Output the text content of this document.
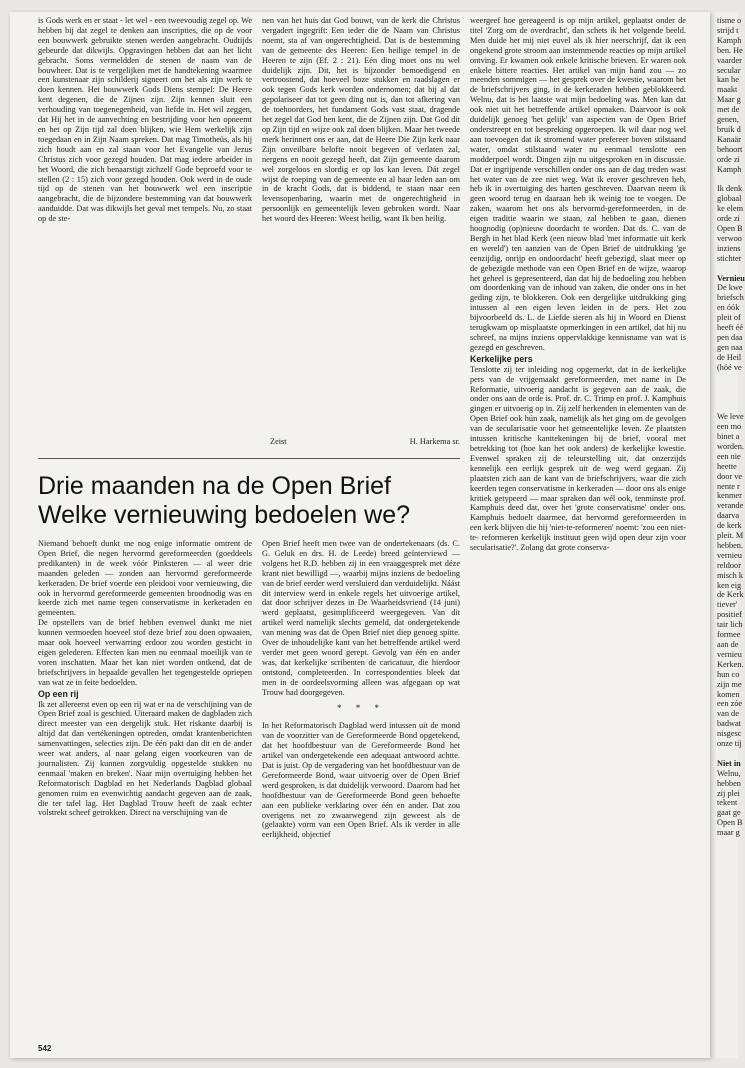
is Gods werk en er staat - let wel - een tweevoudig zegel op. We hebben bij dat zegel te denken aan inscripties, die op de voor een bouwwerk gebruikte stenen werden aangebracht. Oudtijds gebeurde dat dikwijls. Opgravingen hebben dat aan het licht gebracht. Soms vermeldden de stenen de naam van de bouwheer. Dat is te vergelijken met de handtekening waarmee een kunstenaar zijn schilderij signeert om het als zijn werk te doen kennen. Het bouwwerk Gods Diens stempel: De Heere kent degenen, die de Zijnen zijn. Zijn kennen sluit een verhouding van toegenegenheid, van liefde in. Het wil zeggen, dat Hij het in de aanvechting en bestrijding voor hen opneemt en het op Zijn tijd zal doen blijken, wie Hem werkelijk zijn toegedaan en in Zijn Naam spreken. Dat mag Timotheüs, als hij zich houdt aan en zal staan voor het Evangelie van Jezus Christus zich voor gezegd houden. Dat mag iedere arbeider in het Woord, die zich benaarstigt zichzelf Gode beproefd voor te stellen (2 : 15) zich voor gezegd houden. Ook werd in de oude tijd op de stenen van het bouwwerk wel een inscriptie aangebracht, die de bijzondere bestemming van dat bouwwerk aanduidde. Dat was dikwijls het geval met tempels. Nu, zo staat op de ste-

nen van het huis dat God bouwt, van de kerk die Christus vergadert ingegrift: Een ieder die de Naam van Christus noemt, sta af van ongerechtigheid. Dat is de bestemming van de gemeente des Heeren: Een heilige tempel in de Heeren te zijn (Ef. 2 : 21). Eén ding moet ons nu wel duidelijk zijn. Dit, het is bijzonder bemoedigend en vertroostend, dat hoeveel boze stukken en raadslagen er ook tegen Gods kerk worden ondernomen; dat bij al dat gepolariseer dat tot geen ding nut is, dan tot afkering van de toehoorders, het fundament Gods vast staat, dragende het zegel dat God hen kent, die de Zijnen zijn. Dat God dit op Zijn tijd en wijze ook zal doen blijken. Maar het tweede merk herinnert ons er aan, dat de Heere Die Zijn kerk naar Zijn onveilbare belofte nooit begeven of verlaten zal, nergens en nooit gezegd heeft, dat Zijn gemeente daarom wel zorgeloos en slordig er op los kan leven. Dát zegel wijst de roeping van de gemeente en al haar leden aan om in de kracht Gods, dat is biddend, te staan naar een levensopenbaring, waarin met de ongerechtigheid in persoonlijk en gemeentelijk leven gebroken wordt. Naar het woord des Heeren: Weest heilig, want Ik ben heilig.

Zeist	H. Harkema sr.
Drie maanden na de Open Brief
Welke vernieuwing bedoelen we?

Niemand behoeft dunkt me nog enige informatie omtrent de Open Brief, die negen hervormd gereformeerden (goeddeels predikanten) in de week vóór Pinksteren — al weer drie maanden geleden — zonden aan hervormd gereformeerde kerkeraden. De brief voerde een pleidooi voor vernieuwing, die ook in hervormd gereformeerde gemeenten broodnodig was en keerde zich met name tegen conservatisme in kerkeraden en gemeenten.

De opstellers van de brief hebben evenwel dunkt me niet kunnen vermoeden hoeveel stof deze brief zou doen opwaaien, maar ook hoeveel verwarring erdoor zou worden gesticht in eigen gelederen. Effecten kan men nu eenmaal moeilijk van te voren inschatten. Maar het kan niet worden ontkend, dat de briefschrijvers in bepaalde gevallen het tegengestelde opriepen van wat ze in feite bedoelden.

Op een rij

Ik zet allereerst even op een rij wat er na de verschijning van de Open Brief zoal is geschied. Uiteraard maken de dagbladen zich direct meester van een dergelijk stuk. Het riskante daarbij is altijd dat dan vertékeningen optreden, omdat krantenberichten samenvattingen, selecties zijn. De één pakt dan dit en de ander weer wat anders, al naar gelang eigen voorkeuren van de journalisten. Zij kunnen zorgvuldig opgestelde stukken nu eenmaal 'maken en breken'. Naar mijn overtuiging hebben het Reformatorisch Dagblad en het Nederlands Dagblad globaal genomen ruim en evenwichtig aandacht gegeven aan de zaak, die ter tafel lag. Het Dagblad Trouw heeft de zaak echter volstrekt scheef getrokken. Direct na verschijning van de

Open Brief heeft men twee van de ondertekenaars (ds. C. G. Geluk en drs. H. de Leede) breed geïnterviewd — volgens het R.D. hebben zij in een vraaggesprek met déze krant niet bewilligd —, waarbij mijns inziens de bedoeling van de brief eerder werd versluierd dan verduidelijkt. Náást dit interview werd in enkele regels het uitvoerige artikel, dat door schrijver dezes in De Waarheidsvriend (14 juni) werd geplaatst, gesimplificeerd weergegeven. Van dit artikel werd namelijk slechts gemeld, dat ondergetekende van mening was dat de Open Brief niet diep genoeg spitte. Over de inhoudelijke kant van het betreffende artikel werd verder met geen woord gerept. Gevolg van één en ander was, dat kerkelijke scribenten de caricatuur, die hierdoor ontstond, completeerden. In correspondenties bleek dat men in de oordeelsvorming alleen was afgegaan op wat Trouw had doorgegeven.

* * *

In het Reformatorisch Dagblad werd intussen uit de mond van de voorzitter van de Gereformeerde Bond opgetekend, dat het hoofdbestuur van de Gereformeerde Bond het artikel van ondergetekende een adequaat antwoord achtte. Dat is juist. Op de vergadering van het hoofdbestuur van de Gereformeerde Bond, waar uitvoerig over de Open Brief werd gesproken, is dat duidelijk verwoord. Daarom had het hoofdbestuur van de Gereformeerde Bond geen behoefte aan een publieke verklaring over één en ander. Dat zou overigens net zo zwaarwegend zijn geweest als de (gelaakte) vorm van een Open Brief. Als ik verder in alle eerlijkheid, objectief

weergeef hoe gereageerd is op mijn artikel, geplaatst onder de titel 'Zorg om de overdracht', dan schets ik het volgende beeld. Men duide het mij niet euvel als ik hier neerschrijf, dat ik een ongekend grote stroom aan instemmende reacties op mijn artikel ontving. Er kwamen ook enkele kritische brieven. Er waren ook enkele bittere reacties. Het artikel van mijn hand zou — zo meenden sommigen — het gesprek over de kwestie, waarom het de briefschrijvers ging, in de kerkeraden hebben geblokkeerd. Welnu, dat is het laatste wat mijn bedoeling was. Men kan dat ook niet uit het betreffende artikel opmaken. Daarvoor is ook duidelijk genoeg 'het gelijk' van aspecten van de Open Brief onderstreept en tot bespreking opgeroepen. Ik wil daar nog wel aan toevoegen dat ik stromend water prefereer boven stilstaand water, omdat stilstaand water nu eenmaal tenslotte een modderpoel wordt. Dingen zijn nu uitgesproken en in discussie. Dat er ingrijpende verschillen onder ons aan de dag treden wast het water van de zee niet weg. Wat ik erover geschreven heb, heb ik in overtuiging des harten geschreven. Daarvan neem ik geen woord terug en daaraan heb ik weinig toe te voegen. De zaken, waarom het ons als hervormd-gereformeerden, in de eigen traditie waarin we staan, zal hebben te gaan, dienen hoognodig (op)nieuw doordacht te worden. Dat ds. C. van de Bergh in het blad Kerk (een nieuw blad 'met informatie uit kerk en wereld') ten aanzien van de Open Brief de uitdrukking 'ge eenzijdig, onrijp en ondoordacht' heeft gebezigd, slaat meer op de gebezigde methode van een Open Brief en de wijze, waarop het geheel is gepresenteerd, dan dat hij de bedoeling zou hebben om doordenking van de inhoud van zaken, die onder ons in het geding zijn, te blokkeren. Ook een dergelijke uitdrukking ging intussen al een eigen leven leiden in de pers. Het zou bijvoorbeeld ds. L. de Liefde sieren als hij in Woord en Dienst terugkwam op misplaatste opmerkingen in een artikel, dat hij nu schreef, na mijns inziens oppervlakkige kennisname van wat is gezegd en geschreven.

Kerkelijke pers

Tenslotte zij ter inleiding nog opgemerkt, dat in de kerkelijke pers van de vrijgemaakt gereformeerden, met name in De Reformatie, uitvoerig aandacht is gegeven aan de zaak, die onder ons aan de orde is. Prof. dr. C. Trimp en prof. J. Kamphuis gingen er uitvoerig op in. Zij zelf herkenden in elementen van de Open Brief ook hún zaak, namelijk als het ging om de gevolgen van de secularisatie voor het gemeentelijke leven. Ze plaatsten intussen kritische kanttekeningen bij de brief, vooral met betrekking tot (hoe kan het ook anders) de kerkelijke kwestie. Evenwel spraken zij de teleurstelling uit, dat onzerzijds kennelijk een eerlijk gesprek uit de weg werd gegaan. Zij plaatsten zich aan de kant van de briefschrijvers, waar die zich keerden tegen conservatisme in kerkeraden — door ons als enige kritiek getypeerd — maar spraken dan wél ook, tenminste prof. Kamphuis deed dat, over het 'grote conservatisme' onder ons. Kamphuis bedoelt daarmee, dat hervormd gereformeerden in een kerk blijven die hij 'niet-te-reformeren' noemt: 'zou een niet-te- reformeren kerkelijk instituut geen wijd open deur zijn voor secularisatie?'. Zolang dat grote conserva-

542
tisme o
strijd t
Kamph
ben. He
vaarder
secular
kan he
maakt
Maar g
met de
genen,
bruik d
Kanaär
behoort
orde zi
Kamph
Ik denk
globaal
ke elem
orde zi
Open B
verwoo
inziens
stichter
Vernieu
De kwe
briefsch
en óók
pleit of
heeft éé
pen daa
gen naa
de Heil
(hóé ve
We leve
een mo
binet a
worden.
een nie
heette
door ve
nente r
kenmer
verande
daarva
de kerk
pleit. M
hebben.
vernieu
reldoor
misch k
ken eig
de Kerk
tiever'
positief
tair lich
formee
aan de
vernieu
Kerken.
hun co
zijn me
komen
een zóe
van de
badwat
nisgesc
onze tij
Niet in
Welnu,
hebben
zij plei
tekent
gaat ge
Open B
maar g
